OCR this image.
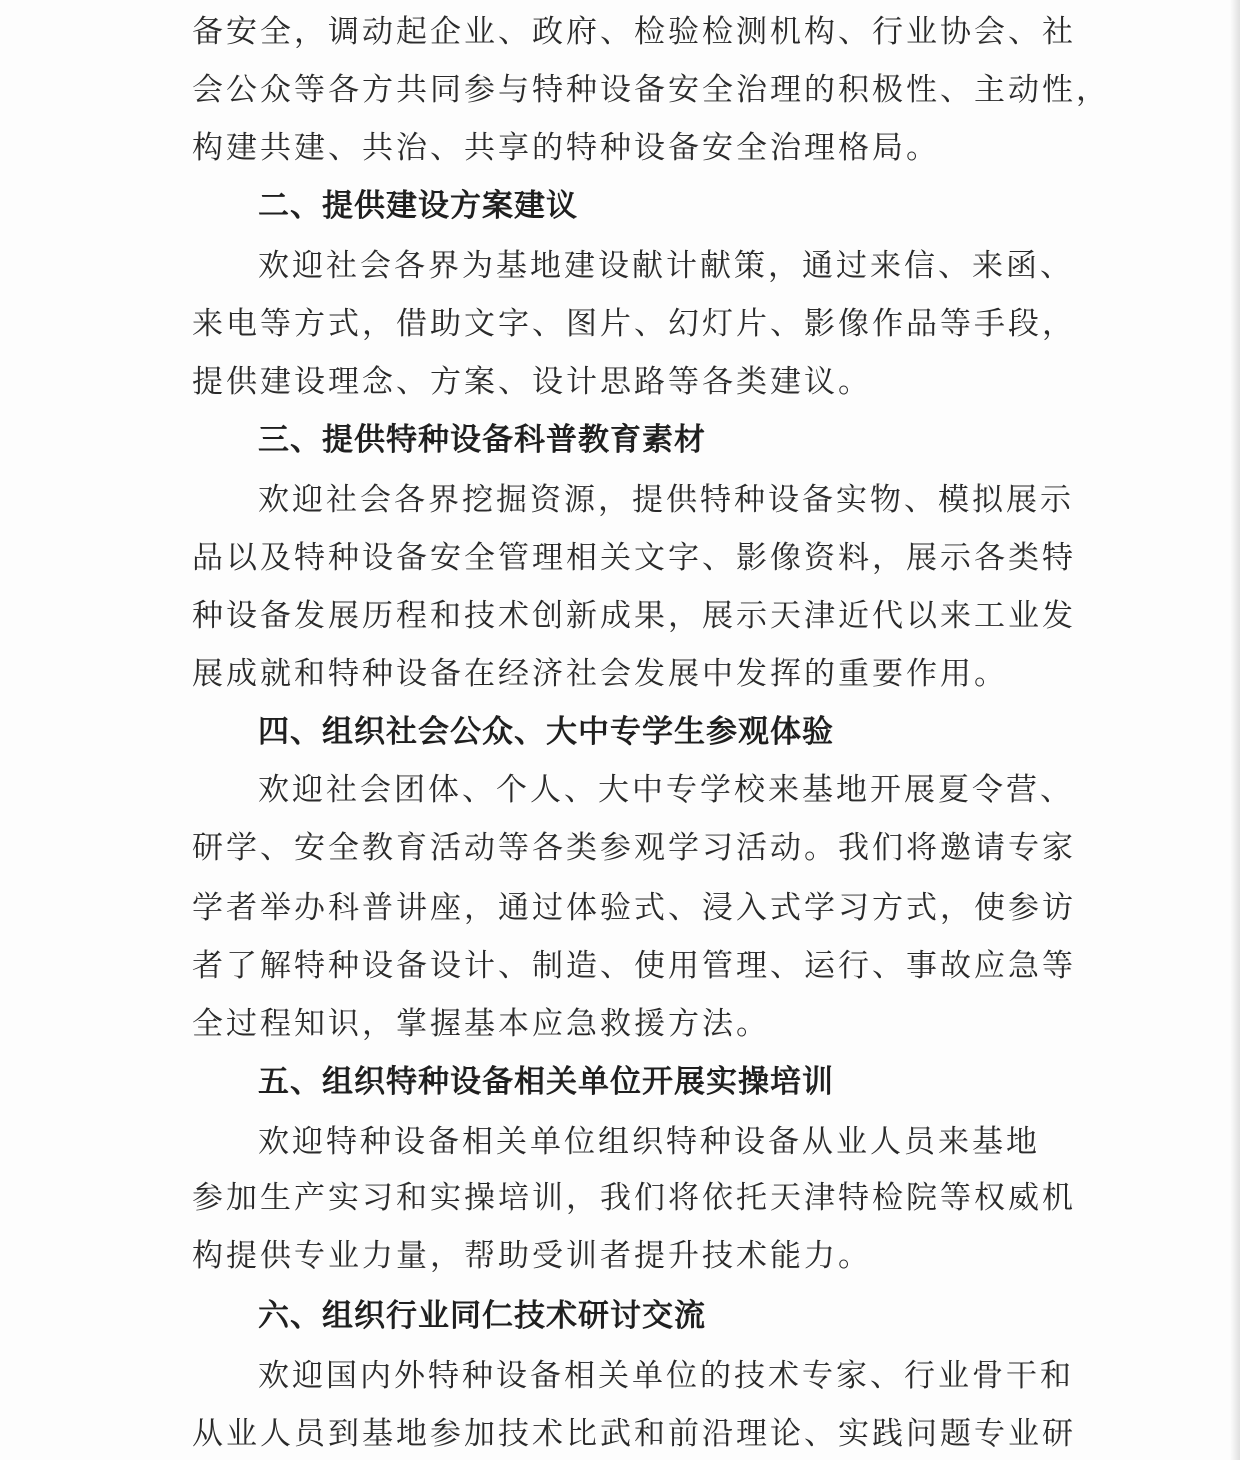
备安全，调动起企业、政府、检验检测机构、行业协会、社
会公众等各方共同参与特种设备安全治理的积极性、主动性，
构建共建、共治、共享的特种设备安全治理格局。
二、提供建设方案建议
欢迎社会各界为基地建设献计献策，通过来信、来函、
来电等方式，借助文字、图片、幻灯片、影像作品等手段，
提供建设理念、方案、设计思路等各类建议。
三、提供特种设备科普教育素材
欢迎社会各界挖掘资源，提供特种设备实物、模拟展示
品以及特种设备安全管理相关文字、影像资料，展示各类特
种设备发展历程和技术创新成果，展示天津近代以来工业发
展成就和特种设备在经济社会发展中发挥的重要作用。
四、组织社会公众、大中专学生参观体验
欢迎社会团体、个人、大中专学校来基地开展夏令营、
研学、安全教育活动等各类参观学习活动。我们将邀请专家
学者举办科普讲座，通过体验式、浸入式学习方式，使参访
者了解特种设备设计、制造、使用管理、运行、事故应急等
全过程知识，掌握基本应急救援方法。
五、组织特种设备相关单位开展实操培训
欢迎特种设备相关单位组织特种设备从业人员来基地
参加生产实习和实操培训，我们将依托天津特检院等权威机
构提供专业力量，帮助受训者提升技术能力。
六、组织行业同仁技术研讨交流
欢迎国内外特种设备相关单位的技术专家、行业骨干和
从业人员到基地参加技术比武和前沿理论、实践问题专业研
